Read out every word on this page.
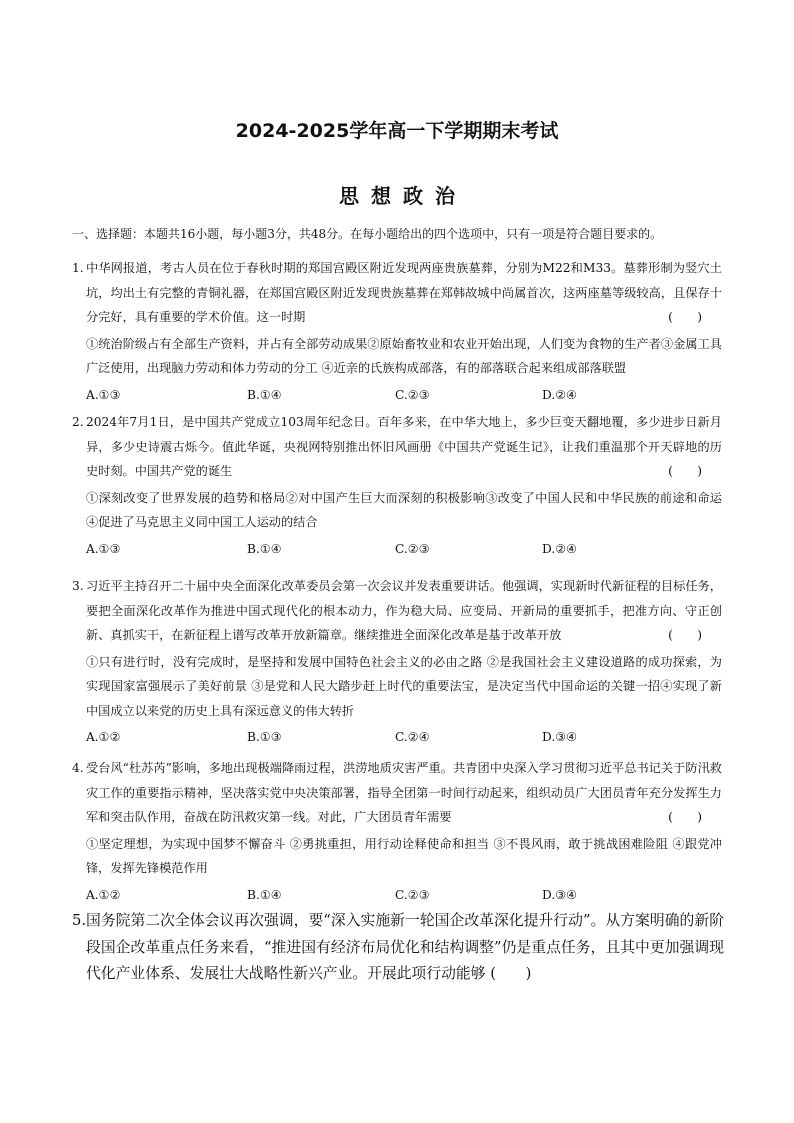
2024-2025学年高一下学期期末考试
思想政治
一、选择题：本题共16小题，每小题3分，共48分。在每小题给出的四个选项中，只有一项是符合题目要求的。
1. 中华网报道，考古人员在位于春秋时期的郑国宫殿区附近发现两座贵族墓葬，分别为M22和M33。墓葬形制为竖穴土坑，均出土有完整的青铜礼器，在郑国宫殿区附近发现贵族墓葬在郑韩故城中尚属首次，这两座墓等级较高，且保存十分完好，具有重要的学术价值。这一时期	(　　)
①统治阶级占有全部生产资料，并占有全部劳动成果②原始畜牧业和农业开始出现，人们变为食物的生产者③金属工具广泛使用，出现脑力劳动和体力劳动的分工 ④近亲的氏族构成部落，有的部落联合起来组成部落联盟
A.①③	B.①④	C.②③	D.②④
2. 2024年7月1日，是中国共产党成立103周年纪念日。百年多来，在中华大地上，多少巨变天翻地覆，多少进步日新月异，多少史诗震古烁今。值此华诞，央视网特别推出怀旧风画册《中国共产党诞生记》，让我们重温那个开天辟地的历史时刻。中国共产党的诞生	(　　)
①深刻改变了世界发展的趋势和格局②对中国产生巨大而深刻的积极影响③改变了中国人民和中华民族的前途和命运 ④促进了马克思主义同中国工人运动的结合
A.①③	B.①④	C.②③	D.②④
3. 习近平主持召开二十届中央全面深化改革委员会第一次会议并发表重要讲话。他强调，实现新时代新征程的目标任务，要把全面深化改革作为推进中国式现代化的根本动力，作为稳大局、应变局、开新局的重要抓手，把准方向、守正创新、真抓实干，在新征程上谱写改革开放新篇章。继续推进全面深化改革是基于改革开放	(　　)
①只有进行时，没有完成时，是坚持和发展中国特色社会主义的必由之路 ②是我国社会主义建设道路的成功探索，为实现国家富强展示了美好前景 ③是党和人民大踏步赶上时代的重要法宝，是决定当代中国命运的关键一招④实现了新中国成立以来党的历史上具有深远意义的伟大转折
A.①②	B.①③	C.②④	D.③④
4. 受台风“杜苏芮”影响，多地出现极端降雨过程，洪涝地质灾害严重。共青团中央深入学习贯彻习近平总书记关于防汛救灾工作的重要指示精神，坚决落实党中央决策部署，指导全团第一时间行动起来，组织动员广大团员青年充分发挥生力军和突击队作用，奋战在防汛救灾第一线。对此，广大团员青年需要	(　　)
①坚定理想，为实现中国梦不懈奋斗 ②勇挑重担，用行动诠释使命和担当 ③不畏风雨，敢于挑战困难险阻 ④跟党冲锋，发挥先锋模范作用
A.①②	B.①④	C.②③	D.③④
5. 国务院第二次全体会议再次强调，要“深入实施新一轮国企改革深化提升行动”。从方案明确的新阶段国企改革重点任务来看，“推进国有经济布局优化和结构调整”仍是重点任务，且其中更加强调现代化产业体系、发展壮大战略性新兴产业。开展此项行动能够 (　　)
